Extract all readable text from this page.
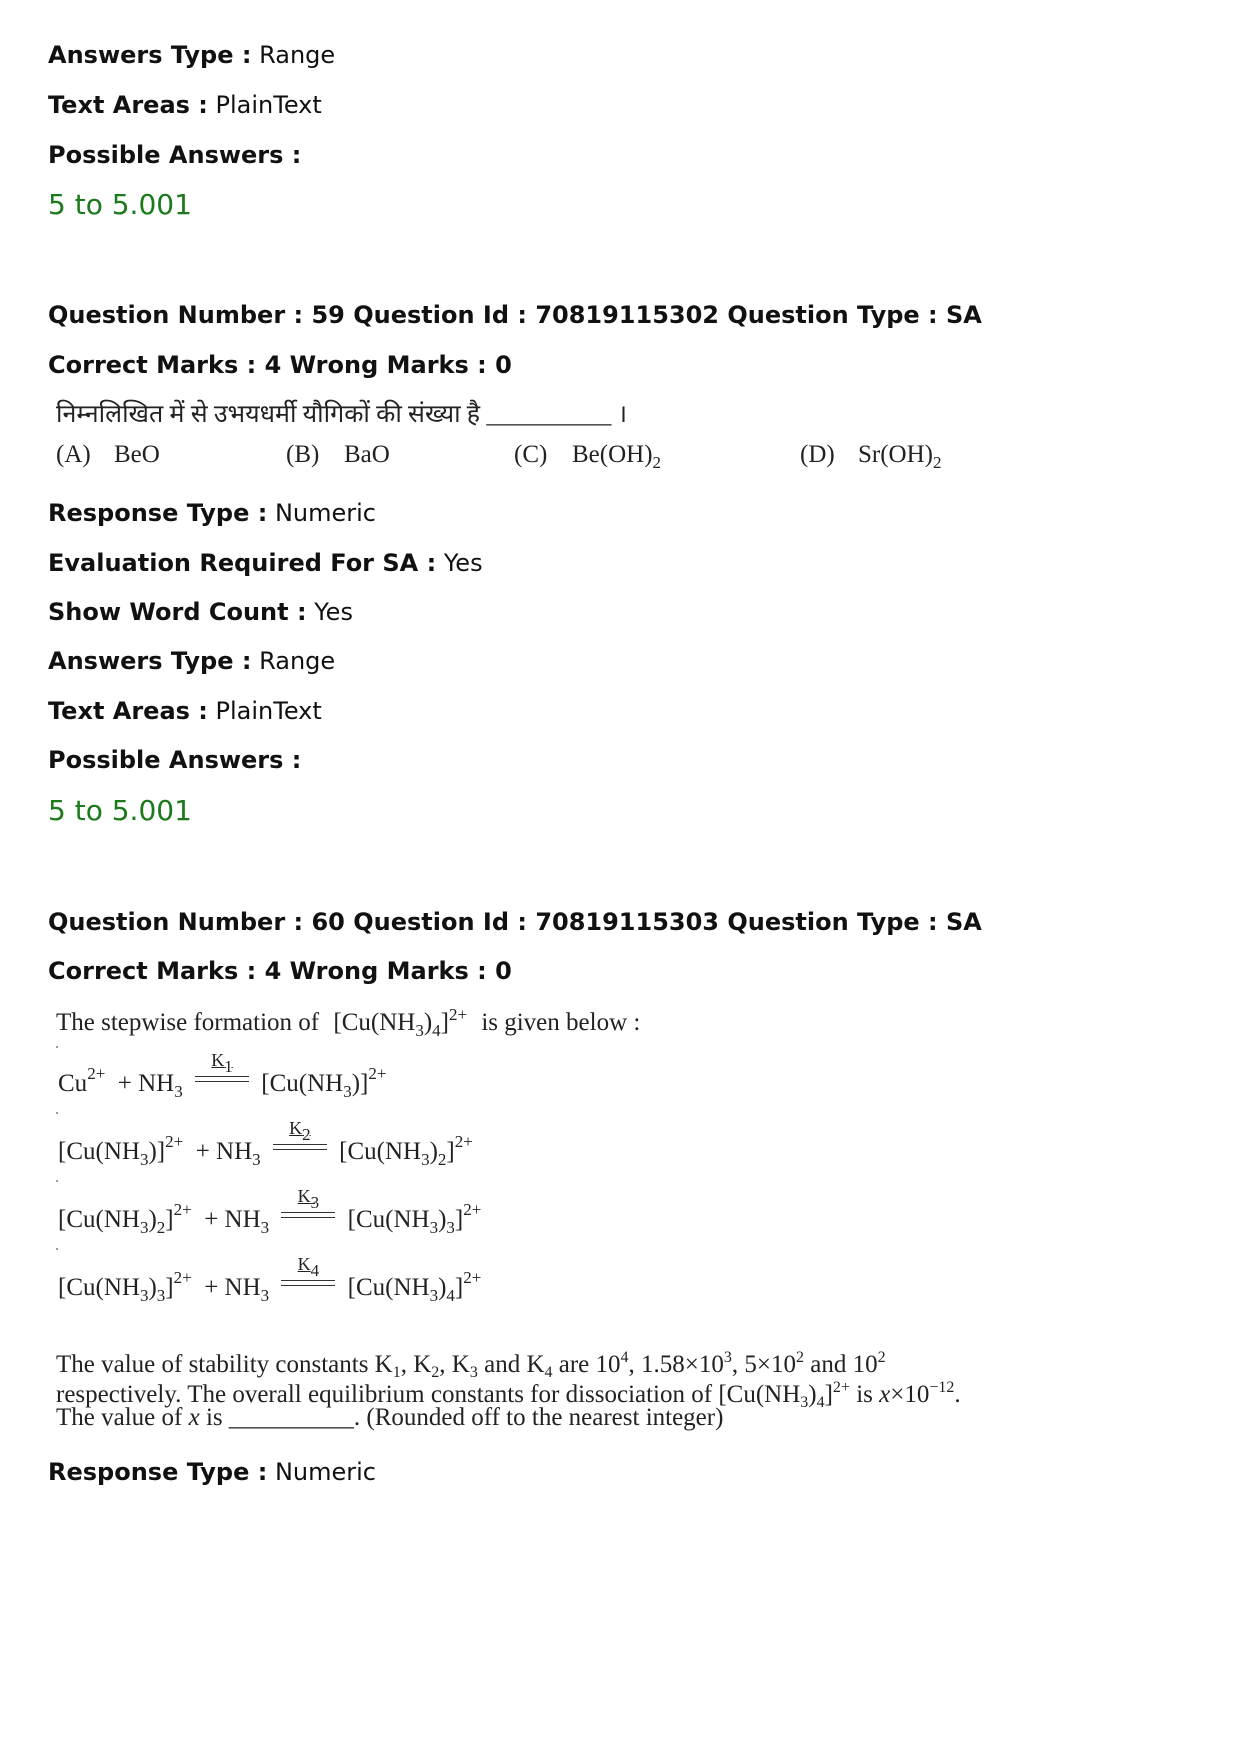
Answers Type : Range
Text Areas : PlainText
Possible Answers :
5 to 5.001
Question Number : 59 Question Id : 70819115302 Question Type : SA
Correct Marks : 4 Wrong Marks : 0
निम्नलिखित में से उभयधर्मी यौगिकों की संख्या है __________ ।
(A) BeO	(B) BaO	(C) $Be(OH)_2$	(D) $Sr(OH)_2$
Response Type : Numeric
Evaluation Required For SA : Yes
Show Word Count : Yes
Answers Type : Range
Text Areas : PlainText
Possible Answers :
5 to 5.001
Question Number : 60 Question Id : 70819115303 Question Type : SA
Correct Marks : 4 Wrong Marks : 0
The stepwise formation of $[Cu(NH_3)_4]^{2+}$ is given below :
$Cu^{2+} + NH_3$
$K_1$
$[Cu(NH_3)]^{2+}$
$[Cu(NH_3)]^{2+} + NH_3$
$K_2$
$[Cu(NH_3)_2]^{2+}$
$[Cu(NH_3)_2]^{2+} + NH_3$
$K_3$
$[Cu(NH_3)_3]^{2+}$
$[Cu(NH_3)_3]^{2+} + NH_3$
$K_4$
$[Cu(NH_3)_4]^{2+}$
The value of stability constants $K_1$, $K_2$, $K_3$ and $K_4$ are $10^4$, $1.58\times 10^3$, $5\times 10^2$ and $10^2$
respectively. The overall equilibrium constants for dissociation of $[Cu(NH_3)_4]^{2+}$ is $x\times 10^{-12}$.
The value of x is __________. (Rounded off to the nearest integer)
Response Type : Numeric
